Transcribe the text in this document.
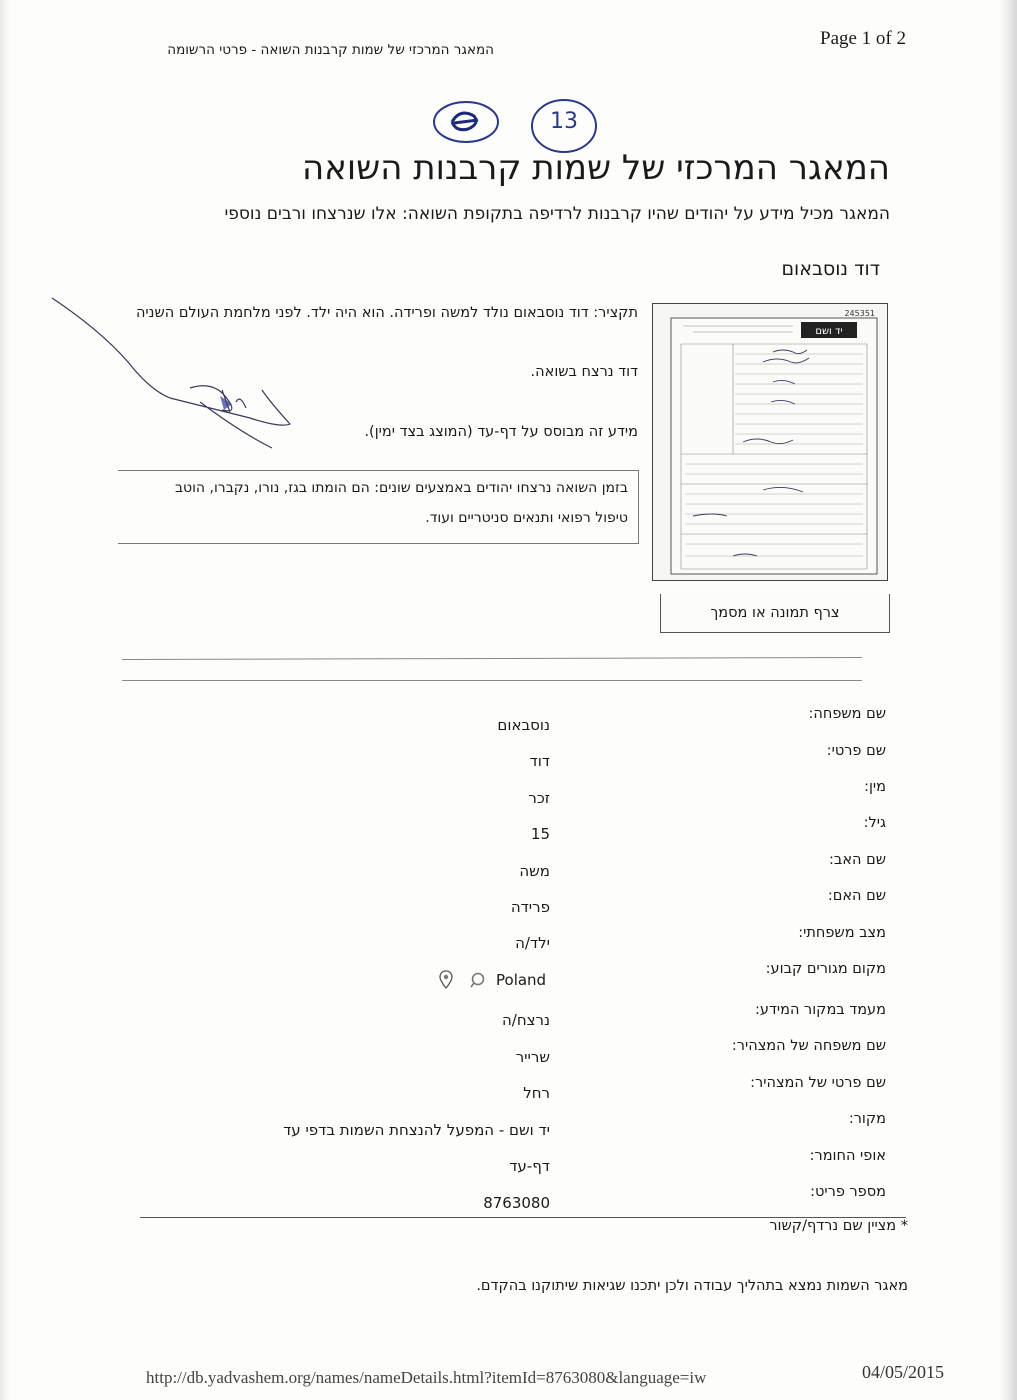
המאגר המרכזי של שמות קרבנות השואה - פרטי הרשומה
Page 1 of 2
13
המאגר המרכזי של שמות קרבנות השואה
המאגר מכיל מידע על יהודים שהיו קרבנות לרדיפה בתקופת השואה: אלו שנרצחו ורבים נוספי
דוד נוסבאום
תקציר: דוד נוסבאום נולד למשה ופרידה. הוא היה ילד. לפני מלחמת העולם השניה
דוד נרצח בשואה.
מידע זה מבוסס על דף-עד (המוצג בצד ימין).
בזמן השואה נרצחו יהודים באמצעים שונים: הם הומתו בגז, נורו, נקברו, הוטב
טיפול רפואי ותנאים סניטריים ועוד.
245351
יד ושם
צרף תמונה או מסמך
שם משפחה:
נוסבאום
שם פרטי:
דוד
מין:
זכר
גיל:
15
שם האב:
משה
שם האם:
פרידה
מצב משפחתי:
ילד/ה
מקום מגורים קבוע:
Poland
מעמד במקור המידע:
נרצח/ה
שם משפחה של המצהיר:
שרייר
שם פרטי של המצהיר:
רחל
מקור:
יד ושם - המפעל להנצחת השמות בדפי עד
אופי החומר:
דף-עד
מספר פריט:
8763080
* מציין שם נרדף/קשור
מאגר השמות נמצא בתהליך עבודה ולכן יתכנו שגיאות שיתוקנו בהקדם.
http://db.yadvashem.org/names/nameDetails.html?itemId=8763080&language=iw	04/05/2015
